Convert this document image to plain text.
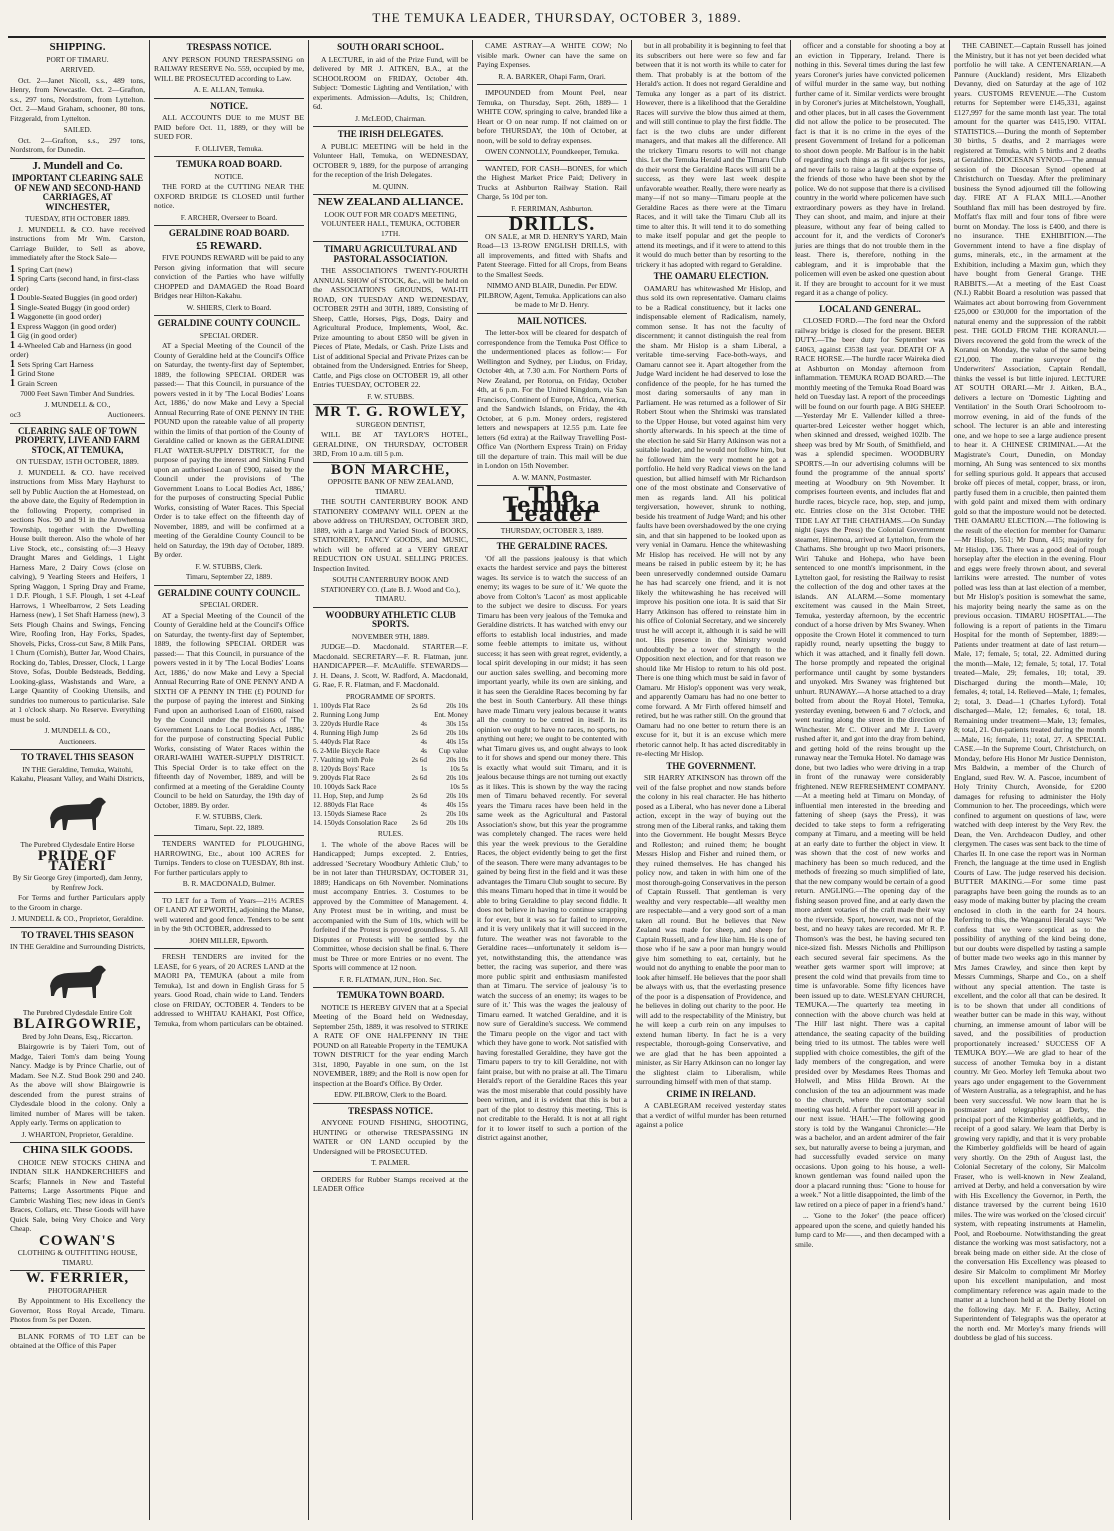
THE TEMUKA LEADER, THURSDAY, OCTOBER 3, 1889.
SHIPPING.
PORT OF TIMARU.
ARRIVED.
Oct. 2—Janet Nicoll, s.s., 489 tons, Henry, from Newcastle. Oct. 2—Grafton, s.s., 297 tons, Nordstrom, from Lyttelton. Oct. 2—Maud Graham, schooner, 80 tons, Fitzgerald, from Lyttelton.
SAILED.
Oct. 2—Grafton, s.s., 297 tons, Nordstrom, for Dunedin.
J. Mundell and Co.
IMPORTANT CLEARING SALE OF NEW AND SECOND-HAND CARRIAGES, AT WINCHESTER,
TUESDAY, 8TH OCTOBER 1889.
J. MUNDELL & CO. have received instructions from Mr Wm. Carston, Carriage Builder, to Sell as above, immediately after the Stock Sale—
1 Spring Cart (new)
1 Spring Carts (second hand, in first-class order)
1 Double-Seated Buggies (in good order)
1 Single-Seated Buggy (in good order)
1 Waggonette (in good order)
1 Express Waggon (in good order)
1 Gig (in good order)
1 4-Wheeled Cab and Harness (in good order)
1 Sets Spring Cart Harness
1 Grind Stone
1 Grain Screen
7000 Feet Sawn Timber And Sundries.
J. MUNDELL & CO.,
oc3	Auctioneers.
CLEARING SALE OF TOWN PROPERTY, LIVE AND FARM STOCK, AT TEMUKA,
ON TUESDAY, 15TH OCTOBER, 1889.
J. MUNDELL & CO. have received instructions from Miss Mary Hayhurst to sell by Public Auction the at Homestead, on the above date, the Equity of Redemption in the following Property, comprised in sections Nos. 90 and 91 in the Arowhenua Township, together with the Dwelling House built thereon. Also the whole of her Live Stock, etc., consisting of:—3 Heavy Draught Mares and Geldings, 1 Light Harness Mare, 2 Dairy Cows (close on calving), 9 Yearling Steers and Heifers, 1 Spring Waggon, 1 Spring Dray and Frame, 1 D.F. Plough, 1 S.F. Plough, 1 set 4-Leaf Harrows, 1 Wheelbarrow, 2 Sets Leading Harness (new), 1 Set Shaft Harness (new), 3 Sets Plough Chains and Swings, Fencing Wire, Roofing Iron, Hay Forks, Spades, Shovels, Picks, Cross-cut Saw, 8 Milk Pans, 1 Churn (Cornish), Butter Jar, Wood Chairs, Rocking do, Tables, Dresser, Clock, 1 Large Stove, Sofas, Double Bedsteads, Bedding, Looking-glass, Washstands and Ware, a Large Quantity of Cooking Utensils, and sundries too numerous to particularise. Sale at 1 o'clock sharp. No Reserve. Everything must be sold.
J. MUNDELL & CO.,
Auctioneers.
TO TRAVEL THIS SEASON
IN THE Geraldine, Temuka, Waitohi, Kakahu, Pleasant Valley, and Waihi Districts,
The Purebred Clydesdale Entire Horse
PRIDE OF TAIERI
By Sir George Grey (imported), dam Jenny, by Renfrew Jock.
For Terms and further Particulars apply to the Groom in charge.
J. MUNDELL & CO., Proprietor, Geraldine.
TO TRAVEL THIS SEASON
IN THE Geraldine and Surrounding Districts,
The Purebred Clydesdale Entire Colt
BLAIRGOWRIE,
Bred by John Deans, Esq., Riccarton.
Blairgowrie is by Taieri Tom, out of Madge, Taieri Tom's dam being Young Nancy. Madge is by Prince Charlie, out of Madam. See N.Z. Stud Book 290 and 240. As the above will show Blairgowrie is descended from the purest strains of Clydesdale blood in the colony. Only a limited number of Mares will be taken. Apply early. Terms on application to
J. WHARTON, Proprietor, Geraldine.
CHINA SILK GOODS.
CHOICE NEW STOCKS CHINA and INDIAN SILK HANDKERCHIEFS and Scarfs; Flannels in New and Tasteful Patterns; Large Assortments Pique and Cambric Washing Ties; new ideas in Gent's Braces, Collars, etc. These Goods will have Quick Sale, being Very Choice and Very Cheap.
COWAN'S
CLOTHING & OUTFITTING HOUSE, TIMARU.
W. FERRIER,
PHOTOGRAPHER
By Appointment to His Excellency the Governor, Ross Royal Arcade, Timaru. Photos from 5s per Dozen.
BLANK FORMS of TO LET can be obtained at the Office of this Paper
TRESPASS NOTICE.
ANY PERSON FOUND TRESPASSING on RAILWAY RESERVE No. 559, occupied by me, WILL BE PROSECUTED according to Law.
A. E. ALLAN, Temuka.
NOTICE.
ALL ACCOUNTS DUE to me MUST BE PAID before Oct. 11, 1889, or they will be SUED FOR.
F. OLLIVER, Temuka.
TEMUKA ROAD BOARD.
NOTICE.
THE FORD at the CUTTING NEAR THE OXFORD BRIDGE IS CLOSED until further notice.
F. ARCHER, Overseer to Board.
GERALDINE ROAD BOARD.
£5 REWARD.
FIVE POUNDS REWARD will be paid to any Person giving information that will secure conviction of the Parties who have wilfully CHOPPED and DAMAGED the Road Board Bridges near Hilton-Kakahu.
W. SHIERS, Clerk to Board.
GERALDINE COUNTY COUNCIL.
SPECIAL ORDER.
AT a Special Meeting of the Council of the County of Geraldine held at the Council's Office on Saturday, the twenty-first day of September, 1889, the following SPECIAL ORDER was passed:— That this Council, in pursuance of the powers vested in it by 'The Local Bodies' Loans Act, 1886,' do now Make and Levy a Special Annual Recurring Rate of ONE PENNY IN THE POUND upon the rateable value of all property within the limits of that portion of the County of Geraldine called or known as the GERALDINE FLAT WATER-SUPPLY DISTRICT, for the purpose of paying the interest and Sinking Fund upon an authorised Loan of £900, raised by the Council under the provisions of 'The Government Loans to Local Bodies Act, 1886,' for the purposes of constructing Special Public Works, consisting of Water Races. This Special Order is to take effect on the fifteenth day of November, 1889, and will be confirmed at a meeting of the Geraldine County Council to be held on Saturday, the 19th day of October, 1889. By order.
F. W. STUBBS, Clerk.
Timaru, September 22, 1889.
GERALDINE COUNTY COUNCIL.
SPECIAL ORDER.
AT a Special Meeting of the Council of the County of Geraldine held at the Council's Office on Saturday, the twenty-first day of September, 1889, the following SPECIAL ORDER was passed:— That this Council, in pursuance of the powers vested in it by 'The Local Bodies' Loans Act, 1886,' do now Make and Levy a Special Annual Recurring Rate of ONE PENNY AND A SIXTH OF A PENNY IN THE (£) POUND for the purpose of paying the interest and Sinking Fund upon an authorised Loan of £1600, raised by the Council under the provisions of 'The Government Loans to Local Bodies Act, 1886,' for the purpose of constructing Special Public Works, consisting of Water Races within the ORARI-WAIHI WATER-SUPPLY DISTRICT. This Special Order is to take effect on the fifteenth day of November, 1889, and will be confirmed at a meeting of the Geraldine County Council to be held on Saturday, the 19th day of October, 1889. By order.
F. W. STUBBS, Clerk.
Timaru, Sept. 22, 1889.
TENDERS WANTED for PLOUGHING, HARROWING, Etc., about 100 ACRES for Turnips. Tenders to close on TUESDAY, 8th inst. For further particulars apply to
B. R. MACDONALD, Bulmer.
TO LET for a Term of Years—21½ ACRES OF LAND AT EPWORTH, adjoining the Manse, well watered and good fence. Tenders to be sent in by the 9th OCTOBER, addressed to
JOHN MILLER, Epworth.
FRESH TENDERS are invited for the LEASE, for 6 years, of 20 ACRES LAND at the MAORI PA, TEMUKA (about a mile from Temuka), 1st and down in English Grass for 5 years. Good Road, chain wide to Land. Tenders close on FRIDAY, OCTOBER 4. Tenders to be addressed to WHITAU KAHAKI, Post Office, Temuka, from whom particulars can be obtained.
SOUTH ORARI SCHOOL.
A LECTURE, in aid of the Prize Fund, will be delivered by MR J. AITKEN, B.A., at the SCHOOLROOM on FRIDAY, October 4th. Subject: 'Domestic Lighting and Ventilation,' with experiments. Admission—Adults, 1s; Children, 6d.
J. McLEOD, Chairman.
THE IRISH DELEGATES.
A PUBLIC MEETING will be held in the Volunteer Hall, Temuka, on WEDNESDAY, OCTOBER 9, 1889, for the purpose of arranging for the reception of the Irish Delegates.
M. QUINN.
NEW ZEALAND ALLIANCE.
LOOK OUT FOR MR COAD'S MEETING, VOLUNTEER HALL, TEMUKA, OCTOBER 17TH.
TIMARU AGRICULTURAL AND PASTORAL ASSOCIATION.
THE ASSOCIATION'S TWENTY-FOURTH ANNUAL SHOW of STOCK, &c., will be held on the ASSOCIATION'S GROUNDS, WAI-ITI ROAD, ON TUESDAY AND WEDNESDAY, OCTOBER 29TH and 30TH, 1889, Consisting of Sheep, Cattle, Horses, Pigs, Dogs, Dairy and Agricultural Produce, Implements, Wool, &c. Prize amounting to about £850 will be given in Pieces of Plate, Medals, or Cash. Prize Lists and List of additional Special and Private Prizes can be obtained from the Undersigned. Entries for Sheep, Cattle, and Pigs close on OCTOBER 19, all other Entries TUESDAY, OCTOBER 22.
F. W. STUBBS.
MR T. G. ROWLEY,
SURGEON DENTIST,
WILL BE AT TAYLOR'S HOTEL, GERALDINE, ON THURSDAY, OCTOBER 3RD, From 10 a.m. till 5 p.m.
BON MARCHE,
OPPOSITE BANK OF NEW ZEALAND, TIMARU.
THE SOUTH CANTERBURY BOOK AND STATIONERY COMPANY WILL OPEN at the above address on THURSDAY, OCTOBER 3RD, 1889, with a Large and Varied Stock of BOOKS, STATIONERY, FANCY GOODS, and MUSIC, which will be offered at a VERY GREAT REDUCTION ON USUAL SELLING PRICES. Inspection Invited.
SOUTH CANTERBURY BOOK AND STATIONERY CO. (Late B. J. Wood and Co.), TIMARU.
WOODBURY ATHLETIC CLUB SPORTS.
NOVEMBER 9TH, 1889.
JUDGE—D. Macdonald. STARTER—F. Macdonald. SECRETARY—F. R. Flatman, junr. HANDICAPPER—F. McAuliffe. STEWARDS—J. H. Deans, J. Scott, W. Radford, A. Macdonald, G. Rae, F. R. Flatman, and F. Macdonald.
PROGRAMME OF SPORTS.
1. 100yds Flat Race	2s 6d	20s 10s
2. Running Long Jump		Ent. Money
3. 220yds Hurdle Race	4s	30s 15s
4. Running High Jump	2s 6d	20s 10s
5. 440yds Flat Race	4s	40s 15s
6. 2-Mile Bicycle Race	4s	Cup value
7. Vaulting with Pole	2s 6d	20s 10s
8. 120yds Boys' Race	1s	10s 5s
9. 200yds Flat Race	2s 6d	20s 10s
10. 100yds Sack Race		10s 5s
11. Hop, Step, and Jump	2s 6d	20s 10s
12. 880yds Flat Race	4s	40s 15s
13. 150yds Siamese Race	2s	20s 10s
14. 150yds Consolation Race	2s 6d	20s 10s
RULES.
1. The whole of the above Races will be Handicapped; Jumps excepted. 2. Entries, addressed 'Secretary Woodbury Athletic Club,' to be in not later than THURSDAY, OCTOBER 31, 1889; Handicaps on 6th November. Nominations must accompany Entries. 3. Costumes to be approved by the Committee of Management. 4. Any Protest must be in writing, and must be accompanied with the Sum of 10s, which will be forfeited if the Protest is proved groundless. 5. All Disputes or Protests will be settled by the Committee, whose decision shall be final. 6. There must be Three or more Entries or no event. The Sports will commence at 12 noon.
F. R. FLATMAN, JUN., Hon. Sec.
TEMUKA TOWN BOARD.
NOTICE IS HEREBY GIVEN that at a Special Meeting of the Board held on Wednesday, September 25th, 1889, it was resolved to STRIKE A RATE OF ONE HALFPENNY IN THE POUND on all Rateable Property in the TEMUKA TOWN DISTRICT for the year ending March 31st, 1890, Payable in one sum, on the 1st NOVEMBER, 1889; and the Roll is now open for inspection at the Board's Office. By Order.
EDW. PILBROW, Clerk to the Board.
TRESPASS NOTICE.
ANYONE FOUND FISHING, SHOOTING, HUNTING or otherwise TRESPASSING IN WATER or ON LAND occupied by the Undersigned will be PROSECUTED.
T. PALMER.
ORDERS for Rubber Stamps received at the LEADER Office
CAME ASTRAY—A WHITE COW; No visible mark. Owner can have the same on Paying Expenses.
R. A. BARKER, Ohapi Farm, Orari.
IMPOUNDED from Mount Peel, near Temuka, on Thursday, Sept. 26th, 1889— 1 WHITE COW, springing to calve, branded like a Heart or O on near rump. If not claimed on or before THURSDAY, the 10th of October, at noon, will be sold to defray expenses.
OWEN CONNOLLY, Poundkeeper, Temuka.
WANTED, FOR CASH—BONES, for which the Highest Market Price Paid; Delivery in Trucks at Ashburton Railway Station. Rail Charge, 5s 10d per ton.
F. FERRIMAN, Ashburton.
DRILLS.
ON SALE, at MR D. HENRY'S YARD, Main Road—13 13-ROW ENGLISH DRILLS, with all improvements, and fitted with Shafts and Patent Steerage. Fitted for all Crops, from Beans to the Smallest Seeds.
NIMMO AND BLAIR, Dunedin. Per EDW. PILBROW, Agent, Temuka. Applications can also be made to Mr D. Henry.
MAIL NOTICES.
The letter-box will be cleared for despatch of correspondence from the Temuka Post Office to the undermentioned places as follow:— For Wellington and Sydney, per Liudus, on Friday, October 4th, at 7.30 a.m. For Northern Ports of New Zealand, per Rotorua, on Friday, October 4th, at 6 p.m. For the United Kingdom, via San Francisco, Continent of Europe, Africa, America, and the Sandwich Islands, on Friday, the 4th October, at 6 p.m. Money orders, registered letters and newspapers at 12.55 p.m. Late fee letters (6d extra) at the Railway Travelling Post-Office Van (Northern Express Train) on Friday till the departure of train. This mail will be due in London on 15th November.
A. W. MANN, Postmaster.
The Temuka Leader
THURSDAY, OCTOBER 3, 1889.
THE GERALDINE RACES.
'Of all the passions jealousy is that which exacts the hardest service and pays the bitterest wages. Its service is to watch the success of an enemy; its wages to be sure of it.' We quote the above from Colton's 'Lacon' as most applicable to the subject we desire to discuss. For years Timaru has been very jealous of the Temuka and Geraldine districts. It has watched with envy our efforts to establish local industries, and made some feeble attempts to imitate us, without success; it has seen with great regret, evidently, a local spirit developing in our midst; it has seen our auction sales swelling, and becoming more important yearly, while its own are sinking, and it has seen the Geraldine Races becoming by far the best in South Canterbury. All these things have made Timaru very jealous because it wants all the country to be centred in itself. In its opinion we ought to have no races, no sports, no anything out here; we ought to be contented with what Timaru gives us, and ought always to look to it for shows and spend our money there. This is exactly what would suit Timaru, and it is jealous because things are not turning out exactly as it likes. This is shown by the way the racing men of Timaru behaved recently. For several years the Timaru races have been held in the same week as the Agricultural and Pastoral Association's show, but this year the programme was completely changed. The races were held this year the week previous to the Geraldine Races, the object evidently being to get the first of the season. There were many advantages to be gained by being first in the field and it was these advantages the Timaru Club sought to secure. By this means Timaru hoped that in time it would be able to bring Geraldine to play second fiddle. It does not believe in having to continue scrapping it for ever, but it was so far failed to improve, and it is very unlikely that it will succeed in the future. The weather was not favorable to the Geraldine races—unfortunately it seldom is—yet, notwithstanding this, the attendance was better, the racing was superior, and there was more public spirit and enthusiasm manifested than at Timaru. The service of jealousy 'is to watch the success of an enemy; its wages to be sure of it.' This was the wages the jealousy of Timaru earned. It watched Geraldine, and it is now sure of Geraldine's success. We commend the Timaru people on the vigor and tact with which they have gone to work. Not satisfied with having forestalled Geraldine, they have got the Timaru papers to try to kill Geraldine, not with faint praise, but with no praise at all. The Timaru Herald's report of the Geraldine Races this year was the most miserable that could possibly have been written, and it is evident that this is but a part of the plot to destroy this meeting. This is not creditable to the Herald. It is not at all right for it to lower itself to such a portion of the district against another,
but in all probability it is beginning to feel that its subscribers out here were so few and far between that it is not worth its while to cater for them. That probably is at the bottom of the Herald's action. It does not regard Geraldine and Temuka any longer as a part of its district. However, there is a likelihood that the Geraldine Races will survive the blow thus aimed at them, and will still continue to play the first fiddle. The fact is the two clubs are under different managers, and that makes all the difference. All the trickery Timaru resorts to will not change this. Let the Temuka Herald and the Timaru Club do their worst the Geraldine Races will still be a success, as they were last week despite unfavorable weather. Really, there were nearly as many—if not so many—Timaru people at the Geraldine Races as there were at the Timaru Races, and it will take the Timaru Club all its time to alter this. It will tend it to do something to make itself popular and get the people to attend its meetings, and if it were to attend to this it would do much better than by resorting to the trickery it has adopted with regard to Geraldine.
THE OAMARU ELECTION.
OAMARU has whitewashed Mr Hislop, and thus sold its own representative. Oamaru claims to be a Radical constituency, but it lacks one indispensable element of Radicalism, namely, common sense. It has not the faculty of discernment; it cannot distinguish the real from the sham. Mr Hislop is a sham Liberal, a veritable time-serving Face-both-ways, and Oamaru cannot see it. Apart altogether from the Judge Ward incident he had deserved to lose the confidence of the people, for he has turned the most daring somersaults of any man in Parliament. He was returned as a follower of Sir Robert Stout when the Shrimski was translated to the Upper House, but voted against him very shortly afterwards. In his speech at the time of the election he said Sir Harry Atkinson was not a suitable leader, and he would not follow him, but he followed him the very moment he got a portfolio. He held very Radical views on the land question, but allied himself with Mr Richardson one of the most obstinate and Conservative of men as regards land. All his political tergiversation, however, shrunk to nothing, beside his treatment of Judge Ward; and his other faults have been overshadowed by the one crying sin, and that sin happened to be looked upon as very venial in Oamaru. Hence the whitewashing Mr Hislop has received. He will not by any means be raised in public esteem by it; he has been unreservedly condemned outside Oamaru he has had scarcely one friend, and it is not likely the whitewashing he has received will improve his position one iota. It is said that Sir Harry Atkinson has offered to reinstate him in his office of Colonial Secretary, and we sincerely trust he will accept it, although it is said he will not. His presence in the Ministry would undoubtedly be a tower of strength to the Opposition next election, and for that reason we should like Mr Hislop to return to his old post. There is one thing which must be said in favor of Oamaru. Mr Hislop's opponent was very weak, and apparently Oamaru has had no one better to come forward. A Mr Firth offered himself and retired, but he was rather still. On the ground that Oamaru had no one better to return there is an excuse for it, but it is an excuse which mere rhetoric cannot help. It has acted discreditably in re-electing Mr Hislop.
THE GOVERNMENT.
SIR HARRY ATKINSON has thrown off the veil of the false prophet and now stands before the colony in his real character. He has hitherto posed as a Liberal, who has never done a Liberal action, except in the way of buying out the strong men of the Liberal ranks, and taking them into the Government. He bought Messrs Bryce and Rolleston; and ruined them; he bought Messrs Hislop and Fisher and ruined them, or they ruined themselves. He has changed his policy now, and taken in with him one of the most thorough-going Conservatives in the person of Captain Russell. That gentleman is very wealthy and very respectable—all wealthy men are respectable—and a very good sort of a man taken all round. But he believes that New Zealand was made for sheep, and sheep for Captain Russell, and a few like him. He is one of those who if he saw a poor man hungry would give him something to eat, certainly, but he would not do anything to enable the poor man to look after himself. He believes that the poor shall be always with us, that the everlasting presence of the poor is a dispensation of Providence, and he believes in doling out charity to the poor. He will add to the respectability of the Ministry, but he will keep a curb rein on any impulses to extend human liberty. In fact he is a very respectable, thorough-going Conservative, and we are glad that he has been appointed a minister, as Sir Harry Atkinson can no longer lay the slightest claim to Liberalism, while surrounding himself with men of that stamp.
CRIME IN IRELAND.
A CABLEGRAM received yesterday states that a verdict of wilful murder has been returned against a police
officer and a constable for shooting a boy at an eviction in Tipperary, Ireland. There is nothing in this. Several times during the last few years Coroner's juries have convicted policemen of wilful murder in the same way, but nothing further came of it. Similar verdicts were brought in by Coroner's juries at Mitchelstown, Youghall, and other places, but in all cases the Government did not allow the police to be prosecuted. The fact is that it is no crime in the eyes of the present Government of Ireland for a policeman to shoot down people. Mr Balfour is in the habit of regarding such things as fit subjects for jests, and never fails to raise a laugh at the expense of the friends of those who have been shot by the police. We do not suppose that there is a civilised country in the world where policemen have such extraordinary powers as they have in Ireland. They can shoot, and maim, and injure at their pleasure, without any fear of being called to account for it, and the verdicts of Coroner's juries are things that do not trouble them in the least. There is, therefore, nothing in the cablegram, and it is improbable that the policemen will even be asked one question about it. If they are brought to account for it we must regard it as a change of policy.
LOCAL AND GENERAL.
CLOSED FORD.—The ford near the Oxford railway bridge is closed for the present. BEER DUTY.—The beer duty for September was £4063, against £3538 last year. DEATH OF A RACE HORSE.—The hurdle racer Waireka died at Ashburton on Monday afternoon from inflammation. TEMUKA ROAD BOARD.—The monthly meeting of the Temuka Road Board was held on Tuesday last. A report of the proceedings will be found on our fourth page. A BIG SHEEP.—Yesterday Mr E. Vallender killed a three-quarter-bred Leicester wether hogget which, when skinned and dressed, weighed 102lb. The sheep was bred by Mr South, of Smithfield, and was a splendid specimen. WOODBURY SPORTS.—In our advertising columns will be found the programme of the annual sports' meeting at Woodbury on 9th November. It comprises fourteen events, and includes flat and hurdle races, bicycle race, hop, step, and jump, etc. Entries close on the 31st October. THE TIDE LAY AT THE CHATHAMS.—On Sunday night (says the Press) the Colonial Government steamer, Hinemoa, arrived at Lyttelton, from the Chathams. She brought up two Maori prisoners, Wiri Tahuke and Hohepa, who have been sentenced to one month's imprisonment, in the Lyttelton gaol, for resisting the Railway to resist the collection of the dog and other taxes at the islands. AN ALARM.—Some momentary excitement was caused in the Main Street, Temuka, yesterday afternoon, by the eccentric conduct of a horse driven by Mrs Swaney. When opposite the Crown Hotel it commenced to turn rapidly round, nearly upsetting the buggy to which it was attached, and it finally fell down. The horse promptly and repeated the original performance until caught by some bystanders and unyoked. Mrs Swaney was frightened but unhurt. RUNAWAY.—A horse attached to a dray bolted from about the Royal Hotel, Temuka, yesterday evening, between 6 and 7 o'clock, and went tearing along the street in the direction of Winchester. Mr C. Oliver and Mr J. Lavery rushed after it, and got into the dray from behind, and getting hold of the reins brought up the runaway near the Temuka Hotel. No damage was done, but two ladies who were driving in a trap in front of the runaway were considerably frightened. NEW REFRESHMENT COMPANY.—At a meeting held at Timaru on Monday, of influential men interested in the breeding and fattening of sheep (says the Press), it was decided to take steps to form a refrigerating company at Timaru, and a meeting will be held at an early date to further the object in view. It was shown that the cost of new works and machinery has been so much reduced, and the methods of freezing so much simplified of late, that the new company would be certain of a good return. ANGLING.—The opening day of the fishing season proved fine, and at early dawn the more ardent votaries of the craft made their way to the riverside. Sport, however, was not of the best, and no heavy takes are recorded. Mr R. P. Thomson's was the best, he having secured ten nice-sized fish. Messrs Nicholls and Phillipson each secured several fair specimens. As the weather gets warmer sport will improve; at present the cold wind that prevails from time to time is unfavorable. Some fifty licences have been issued up to date. WESLEYAN CHURCH, TEMUKA.—The quarterly tea meeting in connection with the above church was held at 'The Hill' last night. There was a capital attendance, the seating capacity of the building being tried to its utmost. The tables were well supplied with choice comestibles, the gift of the lady members of the congregation, and were presided over by Mesdames Rees Thomas and Holwell, and Miss Hilda Brown. At the conclusion of the tea an adjournment was made to the church, where the customary social meeting was held. A further report will appear in our next issue. 'HAH.'—The following good story is told by the Wanganui Chronicle:—'He was a bachelor, and an ardent admirer of the fair sex, but naturally averse to being a juryman, and had successfully evaded service on many occasions. Upon going to his house, a well-known gentleman was found nailed upon the door a placard running thus: "Gone to house for a week." Not a little disappointed, the limb of the law retired on a piece of paper in a friend's hand.'
... 'Gone to the Joker' (the peace officer) appeared upon the scene, and quietly handed his lump card to Mr——, and then decamped with a smile.
THE CABINET.—Captain Russell has joined the Ministry, but it has not yet been decided what portfolio he will take. A CENTENARIAN.—A Pannure (Auckland) resident, Mrs Elizabeth Devanny, died on Saturday at the age of 102 years. CUSTOMS REVENUE.—The Custom returns for September were £145,331, against £127,997 for the same month last year. The total amount for the quarter was £415,190. VITAL STATISTICS.—During the month of September 30 births, 5 deaths, and 2 marriages were registered at Temuka, with 5 births and 2 deaths at Geraldine. DIOCESAN SYNOD.—The annual session of the Diocesan Synod opened at Christchurch on Tuesday. After the preliminary business the Synod adjourned till the following day. FIRE AT A FLAX MILL.—Another Southland flax mill has been destroyed by fire. Moffatt's flax mill and four tons of fibre were burnt on Monday. The loss is £400, and there is no insurance. THE EXHIBITION.—The Government intend to have a fine display of gums, minerals, etc., in the armament at the Exhibition, including a Maxim gun, which they have bought from General Grange. THE RABBITS.—At a meeting of the East Coast (N.I.) Rabbit Board a resolution was passed that Waimates act about borrowing from Government £25,000 or £30,000 for the importation of the natural enemy and the suppression of the rabbit pest. THE GOLD FROM THE KORANUI.—Divers recovered the gold from the wreck of the Koranui on Monday, the value of the same being £21,000. The marine surveyor of the Underwriters' Association, Captain Rendall, thinks the vessel is but little injured. LECTURE AT SOUTH ORARI.—Mr J. Aitken, B.A., delivers a lecture on 'Domestic Lighting and Ventilation' in the South Orari Schoolroom to-morrow evening, in aid of the funds of the school. The lecturer is an able and interesting one, and we hope to see a large audience present to hear it. A CHINESE CRIMINAL.—At the Magistrate's Court, Dunedin, on Monday morning, Ah Sung was sentenced to six months for selling spurious gold. It appears that accused broke off pieces of metal, copper, brass, or iron, partly fused them in a crucible, then painted them with gold paint and mixed them with ordinary gold so that the imposture would not be detected. THE OAMARU ELECTION.—The following is the result of the election for member for Oamaru:—Mr Hislop, 551; Mr Dunn, 415; majority for Mr Hislop, 136. There was a good deal of rough horseplay after the election in the evening. Flour and eggs were freely thrown about, and several larrikins were arrested. The number of votes polled was less than at last election of a member, but Mr Hislop's position is somewhat the same, his majority being nearly the same as on the previous occasion. TIMARU HOSPITAL.—The following is a report of patients in the Timaru Hospital for the month of September, 1889:—Patients under treatment at date of last return—Male, 17; female, 5; total, 22. Admitted during the month—Male, 12; female, 5; total, 17. Total treated—Male, 29; females, 10; total, 39. Discharged during the month—Male, 10; females, 4; total, 14. Relieved—Male, 1; females, 2; total, 3. Dead—1 (Charles Lyford). Total discharged—Male, 12; females, 6; total, 18. Remaining under treatment—Male, 13; females, 8; total, 21. Out-patients treated during the month—Male, 16; female, 11; total, 27. A SPECIAL CASE.—In the Supreme Court, Christchurch, on Monday, before His Honor Mr Justice Denniston, Mrs Baldwin, a member of the Church of England, sued Rev. W. A. Pascoe, incumbent of Holy Trinity Church, Avonside, for £200 damages for refusing to administer the Holy Communion to her. The proceedings, which were confined to argument on questions of law, were watched with deep interest by the Very Rev. the Dean, the Ven. Archdeacon Dudley, and other clergymen. The cases was sent back to the time of Charles II. In one case the report was in Norman French, the language at the time used in English Courts of Law. The judge reserved his decision. BUTTER MAKING.—For some time past paragraphs have been going the rounds as to an easy mode of making butter by placing the cream enclosed in cloth in the earth for 24 hours. Referring to this, the Wanganui Herald says: 'We confess that we were sceptical as to the possibility of anything of the kind being done, but our doubts were dispelled by tasting a sample of butter made two weeks ago in this manner by Mrs James Crawley, and since then kept by Messrs Cummings, Sharpe and Co., on a shelf without any special attention. The taste is excellent, and the color all that can be desired. It is to be shown that under all conditions of weather butter can be made in this way, without churning, an immense amount of labor will be saved, and the possibilities of production proportionately increased.' SUCCESS OF A TEMUKA BOY.—We are glad to hear of the success of another Temuka boy in a distant country. Mr Geo. Morley left Temuka about two years ago under engagement to the Government of Western Australia, as a telegraphist, and he has been very successful. We now learn that he is postmaster and telegraphist at Derby, the principal port of the Kimberley goldfields, and in receipt of a good salary. We learn that Derby is growing very rapidly, and that it is very probable the Kimberley goldfields will be heard of again very shortly. On the 29th of August last, the Colonial Secretary of the colony, Sir Malcolm Fraser, who is well-known in New Zealand, arrived at Derby, and held a conversation by wire with His Excellency the Governor, in Perth, the distance traversed by the current being 1610 miles. The wire was worked on the 'closed circuit' system, with repeating instruments at Hamelin, Pool, and Roebourne. Notwithstanding the great distance the working was most satisfactory, not a break being made on either side. At the close of the conversation His Excellency was pleased to desire Sir Malcolm to compliment Mr Morley upon his excellent manipulation, and most complimentary reference was again made to the matter at a luncheon held at the Derby Hotel on the following day. Mr F. A. Bailey, Acting Superintendent of Telegraphs was the operator at the north end. Mr Morley's many friends will doubtless be glad of his success.
